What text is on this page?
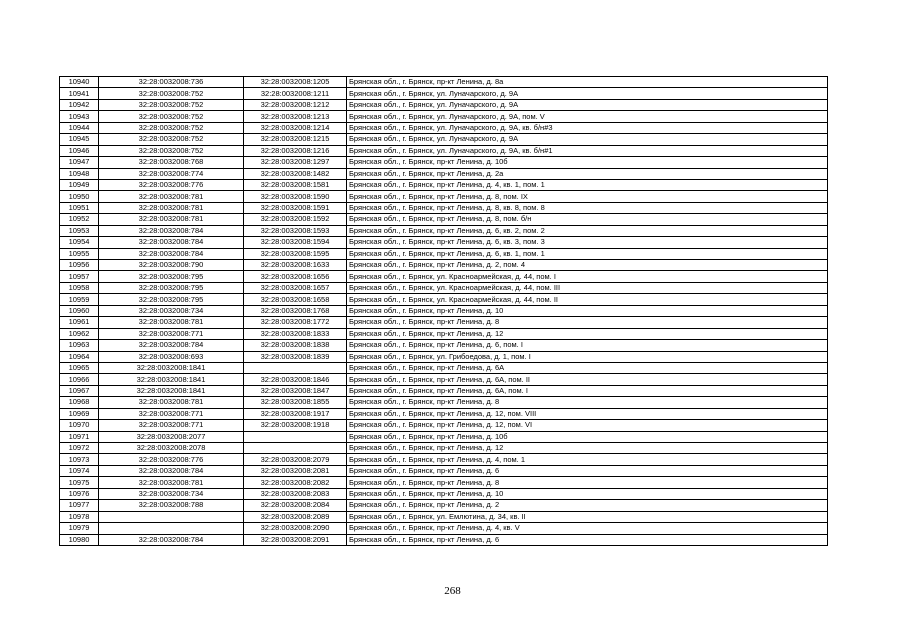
10940	32:28:0032008:736	32:28:0032008:1205	Брянская обл., г. Брянск, пр-кт Ленина, д. 8а
10941	32:28:0032008:752	32:28:0032008:1211	Брянская обл., г. Брянск, ул. Луначарского, д. 9А
10942	32:28:0032008:752	32:28:0032008:1212	Брянская обл., г. Брянск, ул. Луначарского, д. 9А
10943	32:28:0032008:752	32:28:0032008:1213	Брянская обл., г. Брянск, ул. Луначарского, д. 9А, пом. V
10944	32:28:0032008:752	32:28:0032008:1214	Брянская обл., г. Брянск, ул. Луначарского, д. 9А, кв. б/н#3
10945	32:28:0032008:752	32:28:0032008:1215	Брянская обл., г. Брянск, ул. Луначарского, д. 9А
10946	32:28:0032008:752	32:28:0032008:1216	Брянская обл., г. Брянск, ул. Луначарского, д. 9А, кв. б/н#1
10947	32:28:0032008:768	32:28:0032008:1297	Брянская обл., г. Брянск, пр-кт Ленина, д. 10б
10948	32:28:0032008:774	32:28:0032008:1482	Брянская обл., г. Брянск, пр-кт Ленина, д. 2а
10949	32:28:0032008:776	32:28:0032008:1581	Брянская обл., г. Брянск, пр-кт Ленина, д. 4, кв. 1, пом. 1
10950	32:28:0032008:781	32:28:0032008:1590	Брянская обл., г. Брянск, пр-кт Ленина, д. 8, пом. IX
10951	32:28:0032008:781	32:28:0032008:1591	Брянская обл., г. Брянск, пр-кт Ленина, д. 8, кв. 8, пом. 8
10952	32:28:0032008:781	32:28:0032008:1592	Брянская обл., г. Брянск, пр-кт Ленина, д. 8, пом. б/н
10953	32:28:0032008:784	32:28:0032008:1593	Брянская обл., г. Брянск, пр-кт Ленина, д. 6, кв. 2, пом. 2
10954	32:28:0032008:784	32:28:0032008:1594	Брянская обл., г. Брянск, пр-кт Ленина, д. 6, кв. 3, пом. 3
10955	32:28:0032008:784	32:28:0032008:1595	Брянская обл., г. Брянск, пр-кт Ленина, д. 6, кв. 1, пом. 1
10956	32:28:0032008:790	32:28:0032008:1633	Брянская обл., г. Брянск, пр-кт Ленина, д. 2, пом. 4
10957	32:28:0032008:795	32:28:0032008:1656	Брянская обл., г. Брянск, ул. Красноармейская, д. 44, пом. I
10958	32:28:0032008:795	32:28:0032008:1657	Брянская обл., г. Брянск, ул. Красноармейская, д. 44, пом. III
10959	32:28:0032008:795	32:28:0032008:1658	Брянская обл., г. Брянск, ул. Красноармейская, д. 44, пом. II
10960	32:28:0032008:734	32:28:0032008:1768	Брянская обл., г. Брянск, пр-кт Ленина, д. 10
10961	32:28:0032008:781	32:28:0032008:1772	Брянская обл., г. Брянск, пр-кт Ленина, д. 8
10962	32:28:0032008:771	32:28:0032008:1833	Брянская обл., г. Брянск, пр-кт Ленина, д. 12
10963	32:28:0032008:784	32:28:0032008:1838	Брянская обл., г. Брянск, пр-кт Ленина, д. 6, пом. I
10964	32:28:0032008:693	32:28:0032008:1839	Брянская обл., г. Брянск, ул. Грибоедова, д. 1, пом. I
10965	32:28:0032008:1841		Брянская обл., г. Брянск, пр-кт Ленина, д. 6А
10966	32:28:0032008:1841	32:28:0032008:1846	Брянская обл., г. Брянск, пр-кт Ленина, д. 6А, пом. II
10967	32:28:0032008:1841	32:28:0032008:1847	Брянская обл., г. Брянск, пр-кт Ленина, д. 6А, пом. I
10968	32:28:0032008:781	32:28:0032008:1855	Брянская обл., г. Брянск, пр-кт Ленина, д. 8
10969	32:28:0032008:771	32:28:0032008:1917	Брянская обл., г. Брянск, пр-кт Ленина, д. 12, пом. VIII
10970	32:28:0032008:771	32:28:0032008:1918	Брянская обл., г. Брянск, пр-кт Ленина, д. 12, пом. VI
10971	32:28:0032008:2077		Брянская обл., г. Брянск, пр-кт Ленина, д. 10б
10972	32:28:0032008:2078		Брянская обл., г. Брянск, пр-кт Ленина, д. 12
10973	32:28:0032008:776	32:28:0032008:2079	Брянская обл., г. Брянск, пр-кт Ленина, д. 4, пом. 1
10974	32:28:0032008:784	32:28:0032008:2081	Брянская обл., г. Брянск, пр-кт Ленина, д. 6
10975	32:28:0032008:781	32:28:0032008:2082	Брянская обл., г. Брянск, пр-кт Ленина, д. 8
10976	32:28:0032008:734	32:28:0032008:2083	Брянская обл., г. Брянск, пр-кт Ленина, д. 10
10977	32:28:0032008:788	32:28:0032008:2084	Брянская обл., г. Брянск, пр-кт Ленина, д. 2
10978		32:28:0032008:2089	Брянская обл., г. Брянск, ул. Емлютина, д. 34, кв. II
10979		32:28:0032008:2090	Брянская обл., г. Брянск, пр-кт Ленина, д. 4, кв. V
10980	32:28:0032008:784	32:28:0032008:2091	Брянская обл., г. Брянск, пр-кт Ленина, д. 6
268
